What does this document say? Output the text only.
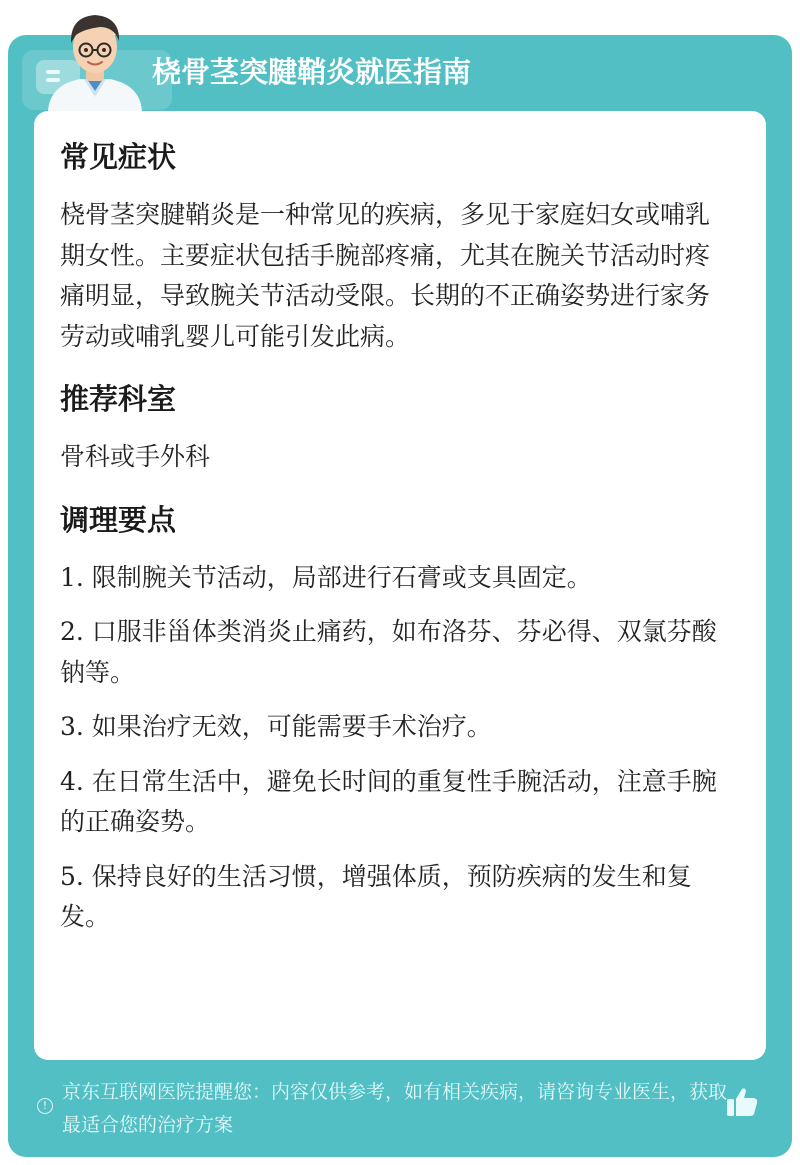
桡骨茎突腱鞘炎就医指南
常见症状

桡骨茎突腱鞘炎是一种常见的疾病，多见于家庭妇女或哺乳期女性。主要症状包括手腕部疼痛，尤其在腕关节活动时疼痛明显，导致腕关节活动受限。长期的不正确姿势进行家务劳动或哺乳婴儿可能引发此病。

推荐科室

骨科或手外科

调理要点

1. 限制腕关节活动，局部进行石膏或支具固定。

2. 口服非甾体类消炎止痛药，如布洛芬、芬必得、双氯芬酸钠等。

3. 如果治疗无效，可能需要手术治疗。

4. 在日常生活中，避免长时间的重复性手腕活动，注意手腕的正确姿势。

5. 保持良好的生活习惯，增强体质，预防疾病的发生和复发。

!
京东互联网医院提醒您：内容仅供参考，如有相关疾病，请咨询专业医生，获取最适合您的治疗方案
